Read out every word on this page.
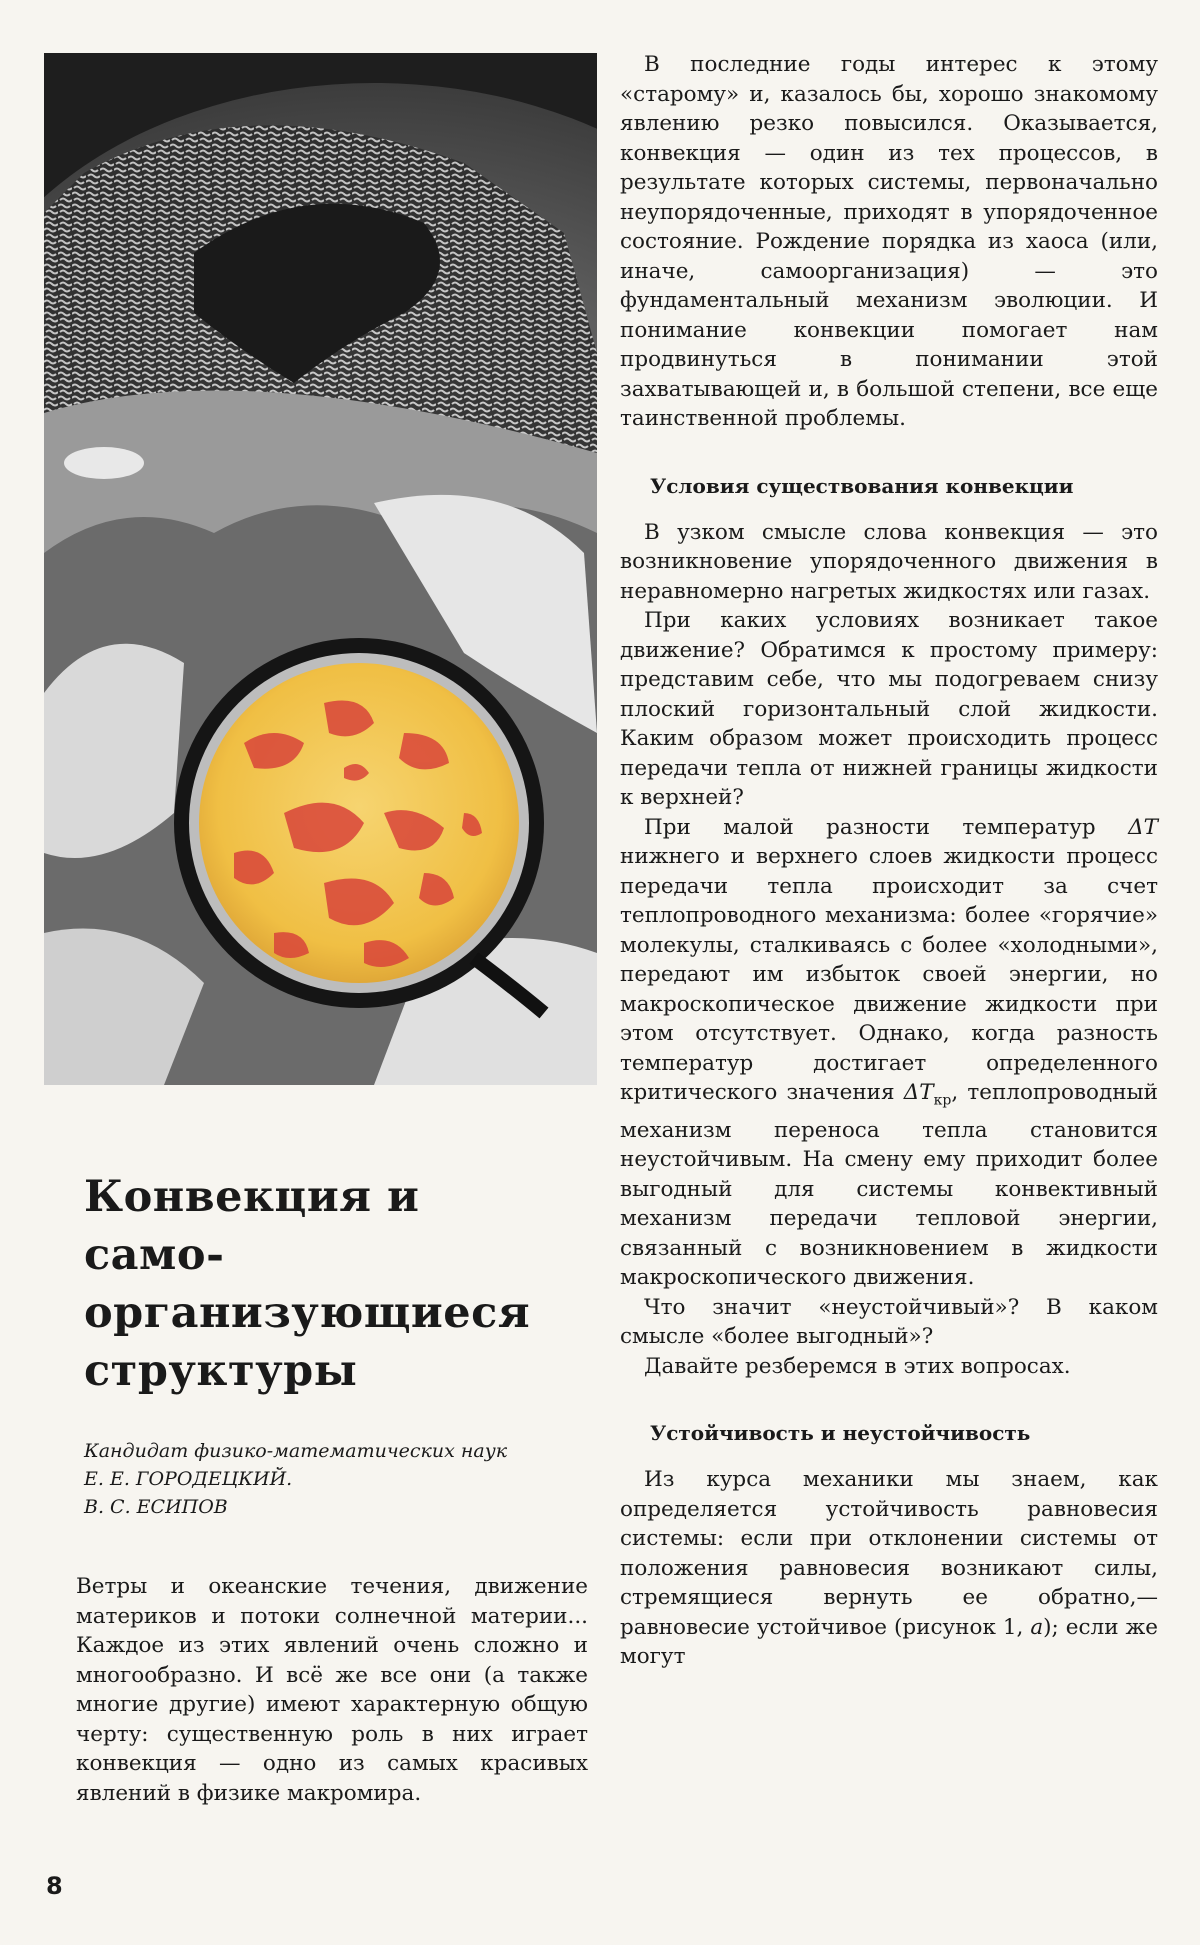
Конвекция и
само-
организующиеся
структуры
Кандидат физико-математических наук
Е. Е. ГОРОДЕЦКИЙ.
В. С. ЕСИПОВ

Ветры и океанские течения, движение материков и потоки солнечной материи... Каждое из этих явлений очень сложно и многообразно. И всё же все они (а также многие другие) имеют характерную общую черту: существенную роль в них играет конвекция — одно из самых красивых явлений в физике макромира.

В последние годы интерес к этому «старому» и, казалось бы, хорошо знакомому явлению резко повысился. Оказывается, конвекция — один из тех процессов, в результате которых системы, первоначально неупорядоченные, приходят в упорядоченное состояние. Рождение порядка из хаоса (или, иначе, самоорганизация) — это фундаментальный механизм эволюции. И понимание конвекции помогает нам продвинуться в понимании этой захватывающей и, в большой степени, все еще таинственной проблемы.

Условия существования конвекции

В узком смысле слова конвекция — это возникновение упорядоченного движения в неравномерно нагретых жидкостях или газах.

При каких условиях возникает такое движение? Обратимся к простому примеру: представим себе, что мы подогреваем снизу плоский горизонтальный слой жидкости. Каким образом может происходить процесс передачи тепла от нижней границы жидкости к верхней?

При малой разности температур ΔT нижнего и верхнего слоев жидкости процесс передачи тепла происходит за счет теплопроводного механизма: более «горячие» молекулы, сталкиваясь с более «холодными», передают им избыток своей энергии, но макроскопическое движение жидкости при этом отсутствует. Однако, когда разность температур достигает определенного критического значения $\Delta T_{кр}$, теплопроводный механизм переноса тепла становится неустойчивым. На смену ему приходит более выгодный для системы конвективный механизм передачи тепловой энергии, связанный с возникновением в жидкости макроскопического движения.

Что значит «неустойчивый»? В каком смысле «более выгодный»?

Давайте резберемся в этих вопросах.

Устойчивость и неустойчивость

Из курса механики мы знаем, как определяется устойчивость равновесия системы: если при отклонении системы от положения равновесия возникают силы, стремящиеся вернуть ее обратно,— равновесие устойчивое (рисунок 1, а); если же могут

8
